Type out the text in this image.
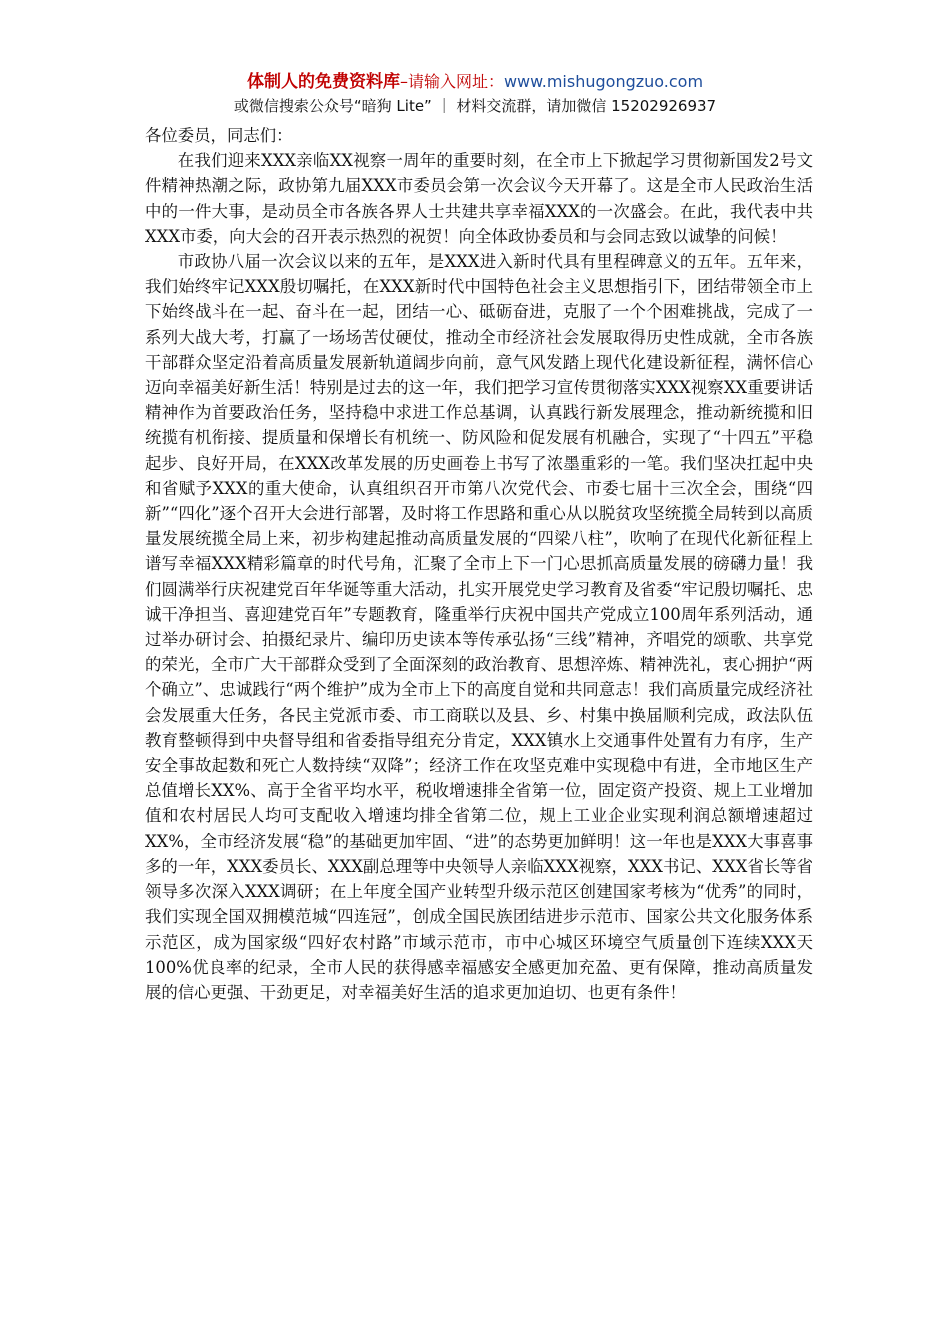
体制人的免费资料库–请输入网址：www.mishugongzuo.com
或微信搜索公众号“暗狗 Lite” ｜ 材料交流群，请加微信 15202926937

各位委员，同志们：

在我们迎来XXX亲临XX视察一周年的重要时刻，在全市上下掀起学习贯彻新国发2号文件精神热潮之际，政协第九届XXX市委员会第一次会议今天开幕了。这是全市人民政治生活中的一件大事，是动员全市各族各界人士共建共享幸福XXX的一次盛会。在此，我代表中共XXX市委，向大会的召开表示热烈的祝贺！向全体政协委员和与会同志致以诚挚的问候！

市政协八届一次会议以来的五年，是XXX进入新时代具有里程碑意义的五年。五年来，我们始终牢记XXX殷切嘱托，在XXX新时代中国特色社会主义思想指引下，团结带领全市上下始终战斗在一起、奋斗在一起，团结一心、砥砺奋进，克服了一个个困难挑战，完成了一系列大战大考，打赢了一场场苦仗硬仗，推动全市经济社会发展取得历史性成就，全市各族干部群众坚定沿着高质量发展新轨道阔步向前，意气风发踏上现代化建设新征程，满怀信心迈向幸福美好新生活！特别是过去的这一年，我们把学习宣传贯彻落实XXX视察XX重要讲话精神作为首要政治任务，坚持稳中求进工作总基调，认真践行新发展理念，推动新统揽和旧统揽有机衔接、提质量和保增长有机统一、防风险和促发展有机融合，实现了“十四五”平稳起步、良好开局，在XXX改革发展的历史画卷上书写了浓墨重彩的一笔。我们坚决扛起中央和省赋予XXX的重大使命，认真组织召开市第八次党代会、市委七届十三次全会，围绕“四新”“四化”逐个召开大会进行部署，及时将工作思路和重心从以脱贫攻坚统揽全局转到以高质量发展统揽全局上来，初步构建起推动高质量发展的“四梁八柱”，吹响了在现代化新征程上谱写幸福XXX精彩篇章的时代号角，汇聚了全市上下一门心思抓高质量发展的磅礴力量！我们圆满举行庆祝建党百年华诞等重大活动，扎实开展党史学习教育及省委“牢记殷切嘱托、忠诚干净担当、喜迎建党百年”专题教育，隆重举行庆祝中国共产党成立100周年系列活动，通过举办研讨会、拍摄纪录片、编印历史读本等传承弘扬“三线”精神，齐唱党的颂歌、共享党的荣光，全市广大干部群众受到了全面深刻的政治教育、思想淬炼、精神洗礼，衷心拥护“两个确立”、忠诚践行“两个维护”成为全市上下的高度自觉和共同意志！我们高质量完成经济社会发展重大任务，各民主党派市委、市工商联以及县、乡、村集中换届顺利完成，政法队伍教育整顿得到中央督导组和省委指导组充分肯定，XXX镇水上交通事件处置有力有序，生产安全事故起数和死亡人数持续“双降”；经济工作在攻坚克难中实现稳中有进，全市地区生产总值增长XX%、高于全省平均水平，税收增速排全省第一位，固定资产投资、规上工业增加值和农村居民人均可支配收入增速均排全省第二位，规上工业企业实现利润总额增速超过XX%，全市经济发展“稳”的基础更加牢固、“进”的态势更加鲜明！这一年也是XXX大事喜事多的一年，XXX委员长、XXX副总理等中央领导人亲临XXX视察，XXX书记、XXX省长等省领导多次深入XXX调研；在上年度全国产业转型升级示范区创建国家考核为“优秀”的同时，我们实现全国双拥模范城“四连冠”，创成全国民族团结进步示范市、国家公共文化服务体系示范区，成为国家级“四好农村路”市域示范市，市中心城区环境空气质量创下连续XXX天100%优良率的纪录，全市人民的获得感幸福感安全感更加充盈、更有保障，推动高质量发展的信心更强、干劲更足，对幸福美好生活的追求更加迫切、也更有条件！
